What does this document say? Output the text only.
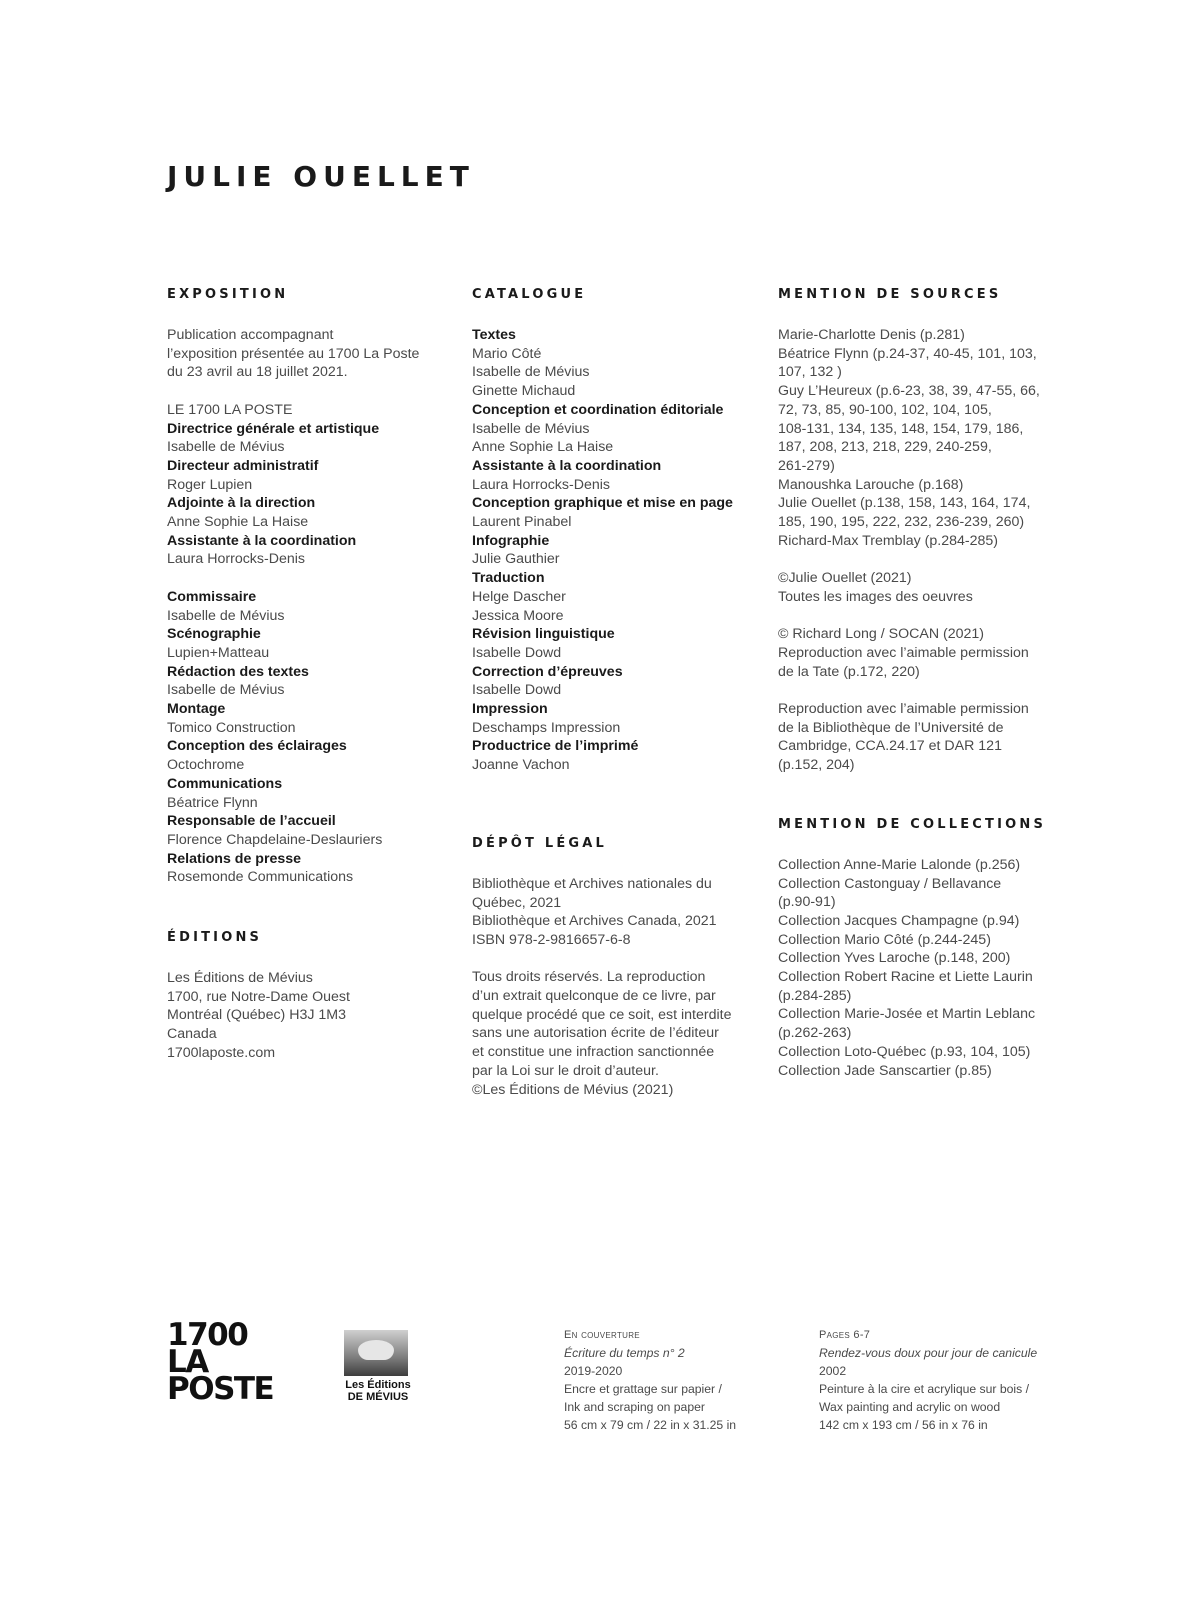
JULIE OUELLET
EXPOSITION
Publication accompagnant
l’exposition présentée au 1700 La Poste
du 23 avril au 18 juillet 2021.
LE 1700 LA POSTE
Directrice générale et artistique
Isabelle de Mévius
Directeur administratif
Roger Lupien
Adjointe à la direction
Anne Sophie La Haise
Assistante à la coordination
Laura Horrocks-Denis
Commissaire
Isabelle de Mévius
Scénographie
Lupien+Matteau
Rédaction des textes
Isabelle de Mévius
Montage
Tomico Construction
Conception des éclairages
Octochrome
Communications
Béatrice Flynn
Responsable de l’accueil
Florence Chapdelaine-Deslauriers
Relations de presse
Rosemonde Communications
ÉDITIONS
Les Éditions de Mévius
1700, rue Notre-Dame Ouest
Montréal (Québec) H3J 1M3
Canada
1700laposte.com
CATALOGUE
Textes
Mario Côté
Isabelle de Mévius
Ginette Michaud
Conception et coordination éditoriale
Isabelle de Mévius
Anne Sophie La Haise
Assistante à la coordination
Laura Horrocks-Denis
Conception graphique et mise en page
Laurent Pinabel
Infographie
Julie Gauthier
Traduction
Helge Dascher
Jessica Moore
Révision linguistique
Isabelle Dowd
Correction d’épreuves
Isabelle Dowd
Impression
Deschamps Impression
Productrice de l’imprimé
Joanne Vachon
DÉPÔT LÉGAL
Bibliothèque et Archives nationales du
Québec, 2021
Bibliothèque et Archives Canada, 2021
ISBN 978-2-9816657-6-8
Tous droits réservés. La reproduction
d’un extrait quelconque de ce livre, par
quelque procédé que ce soit, est interdite
sans une autorisation écrite de l’éditeur
et constitue une infraction sanctionnée
par la Loi sur le droit d’auteur.
©Les Éditions de Mévius (2021)
MENTION DE SOURCES
Marie-Charlotte Denis (p.281)
Béatrice Flynn (p.24-37, 40-45, 101, 103,
107, 132 )
Guy L’Heureux (p.6-23, 38, 39, 47-55, 66,
72, 73, 85, 90-100, 102, 104, 105,
108-131, 134, 135, 148, 154, 179, 186,
187, 208, 213, 218, 229, 240-259,
261-279)
Manoushka Larouche (p.168)
Julie Ouellet (p.138, 158, 143, 164, 174,
185, 190, 195, 222, 232, 236-239, 260)
Richard-Max Tremblay (p.284-285)
©Julie Ouellet (2021)
Toutes les images des oeuvres
© Richard Long / SOCAN (2021)
Reproduction avec l’aimable permission
de la Tate (p.172, 220)
Reproduction avec l’aimable permission
de la Bibliothèque de l’Université de
Cambridge, CCA.24.17 et DAR 121
(p.152, 204)
MENTION DE COLLECTIONS
Collection Anne-Marie Lalonde (p.256)
Collection Castonguay / Bellavance
(p.90-91)
Collection Jacques Champagne (p.94)
Collection Mario Côté (p.244-245)
Collection Yves Laroche (p.148, 200)
Collection Robert Racine et Liette Laurin
(p.284-285)
Collection Marie-Josée et Martin Leblanc
(p.262-263)
Collection Loto-Québec (p.93, 104, 105)
Collection Jade Sanscartier (p.85)
1700
LA
POSTE	Les Éditions
DE MÉVIUS
En couverture
Écriture du temps n° 2
2019-2020
Encre et grattage sur papier /
Ink and scraping on paper
56 cm x 79 cm / 22 in x 31.25 in
Pages 6-7
Rendez-vous doux pour jour de canicule
2002
Peinture à la cire et acrylique sur bois /
Wax painting and acrylic on wood
142 cm x 193 cm / 56 in x 76 in
